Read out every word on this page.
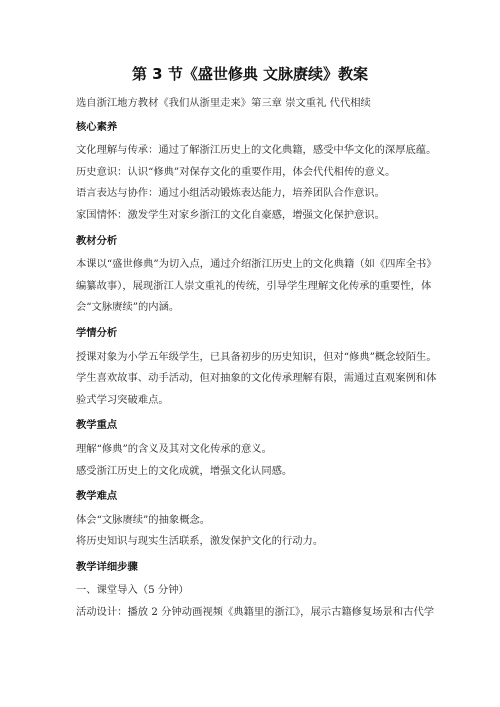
第 3 节《盛世修典 文脉赓续》教案
选自浙江地方教材《我们从浙里走来》第三章 崇文重礼 代代相续
核心素养
文化理解与传承：通过了解浙江历史上的文化典籍，感受中华文化的深厚底蕴。
历史意识：认识“修典”对保存文化的重要作用，体会代代相传的意义。
语言表达与协作：通过小组活动锻炼表达能力，培养团队合作意识。
家国情怀：激发学生对家乡浙江的文化自豪感，增强文化保护意识。
教材分析
本课以“盛世修典”为切入点，通过介绍浙江历史上的文化典籍（如《四库全书》
编纂故事），展现浙江人崇文重礼的传统，引导学生理解文化传承的重要性，体
会“文脉赓续”的内涵。
学情分析
授课对象为小学五年级学生，已具备初步的历史知识，但对“修典”概念较陌生。
学生喜欢故事、动手活动，但对抽象的文化传承理解有限，需通过直观案例和体
验式学习突破难点。
教学重点
理解“修典”的含义及其对文化传承的意义。
感受浙江历史上的文化成就，增强文化认同感。
教学难点
体会“文脉赓续”的抽象概念。
将历史知识与现实生活联系，激发保护文化的行动力。
教学详细步骤
一、课堂导入（5 分钟）
活动设计：播放 2 分钟动画视频《典籍里的浙江》，展示古籍修复场景和古代学
